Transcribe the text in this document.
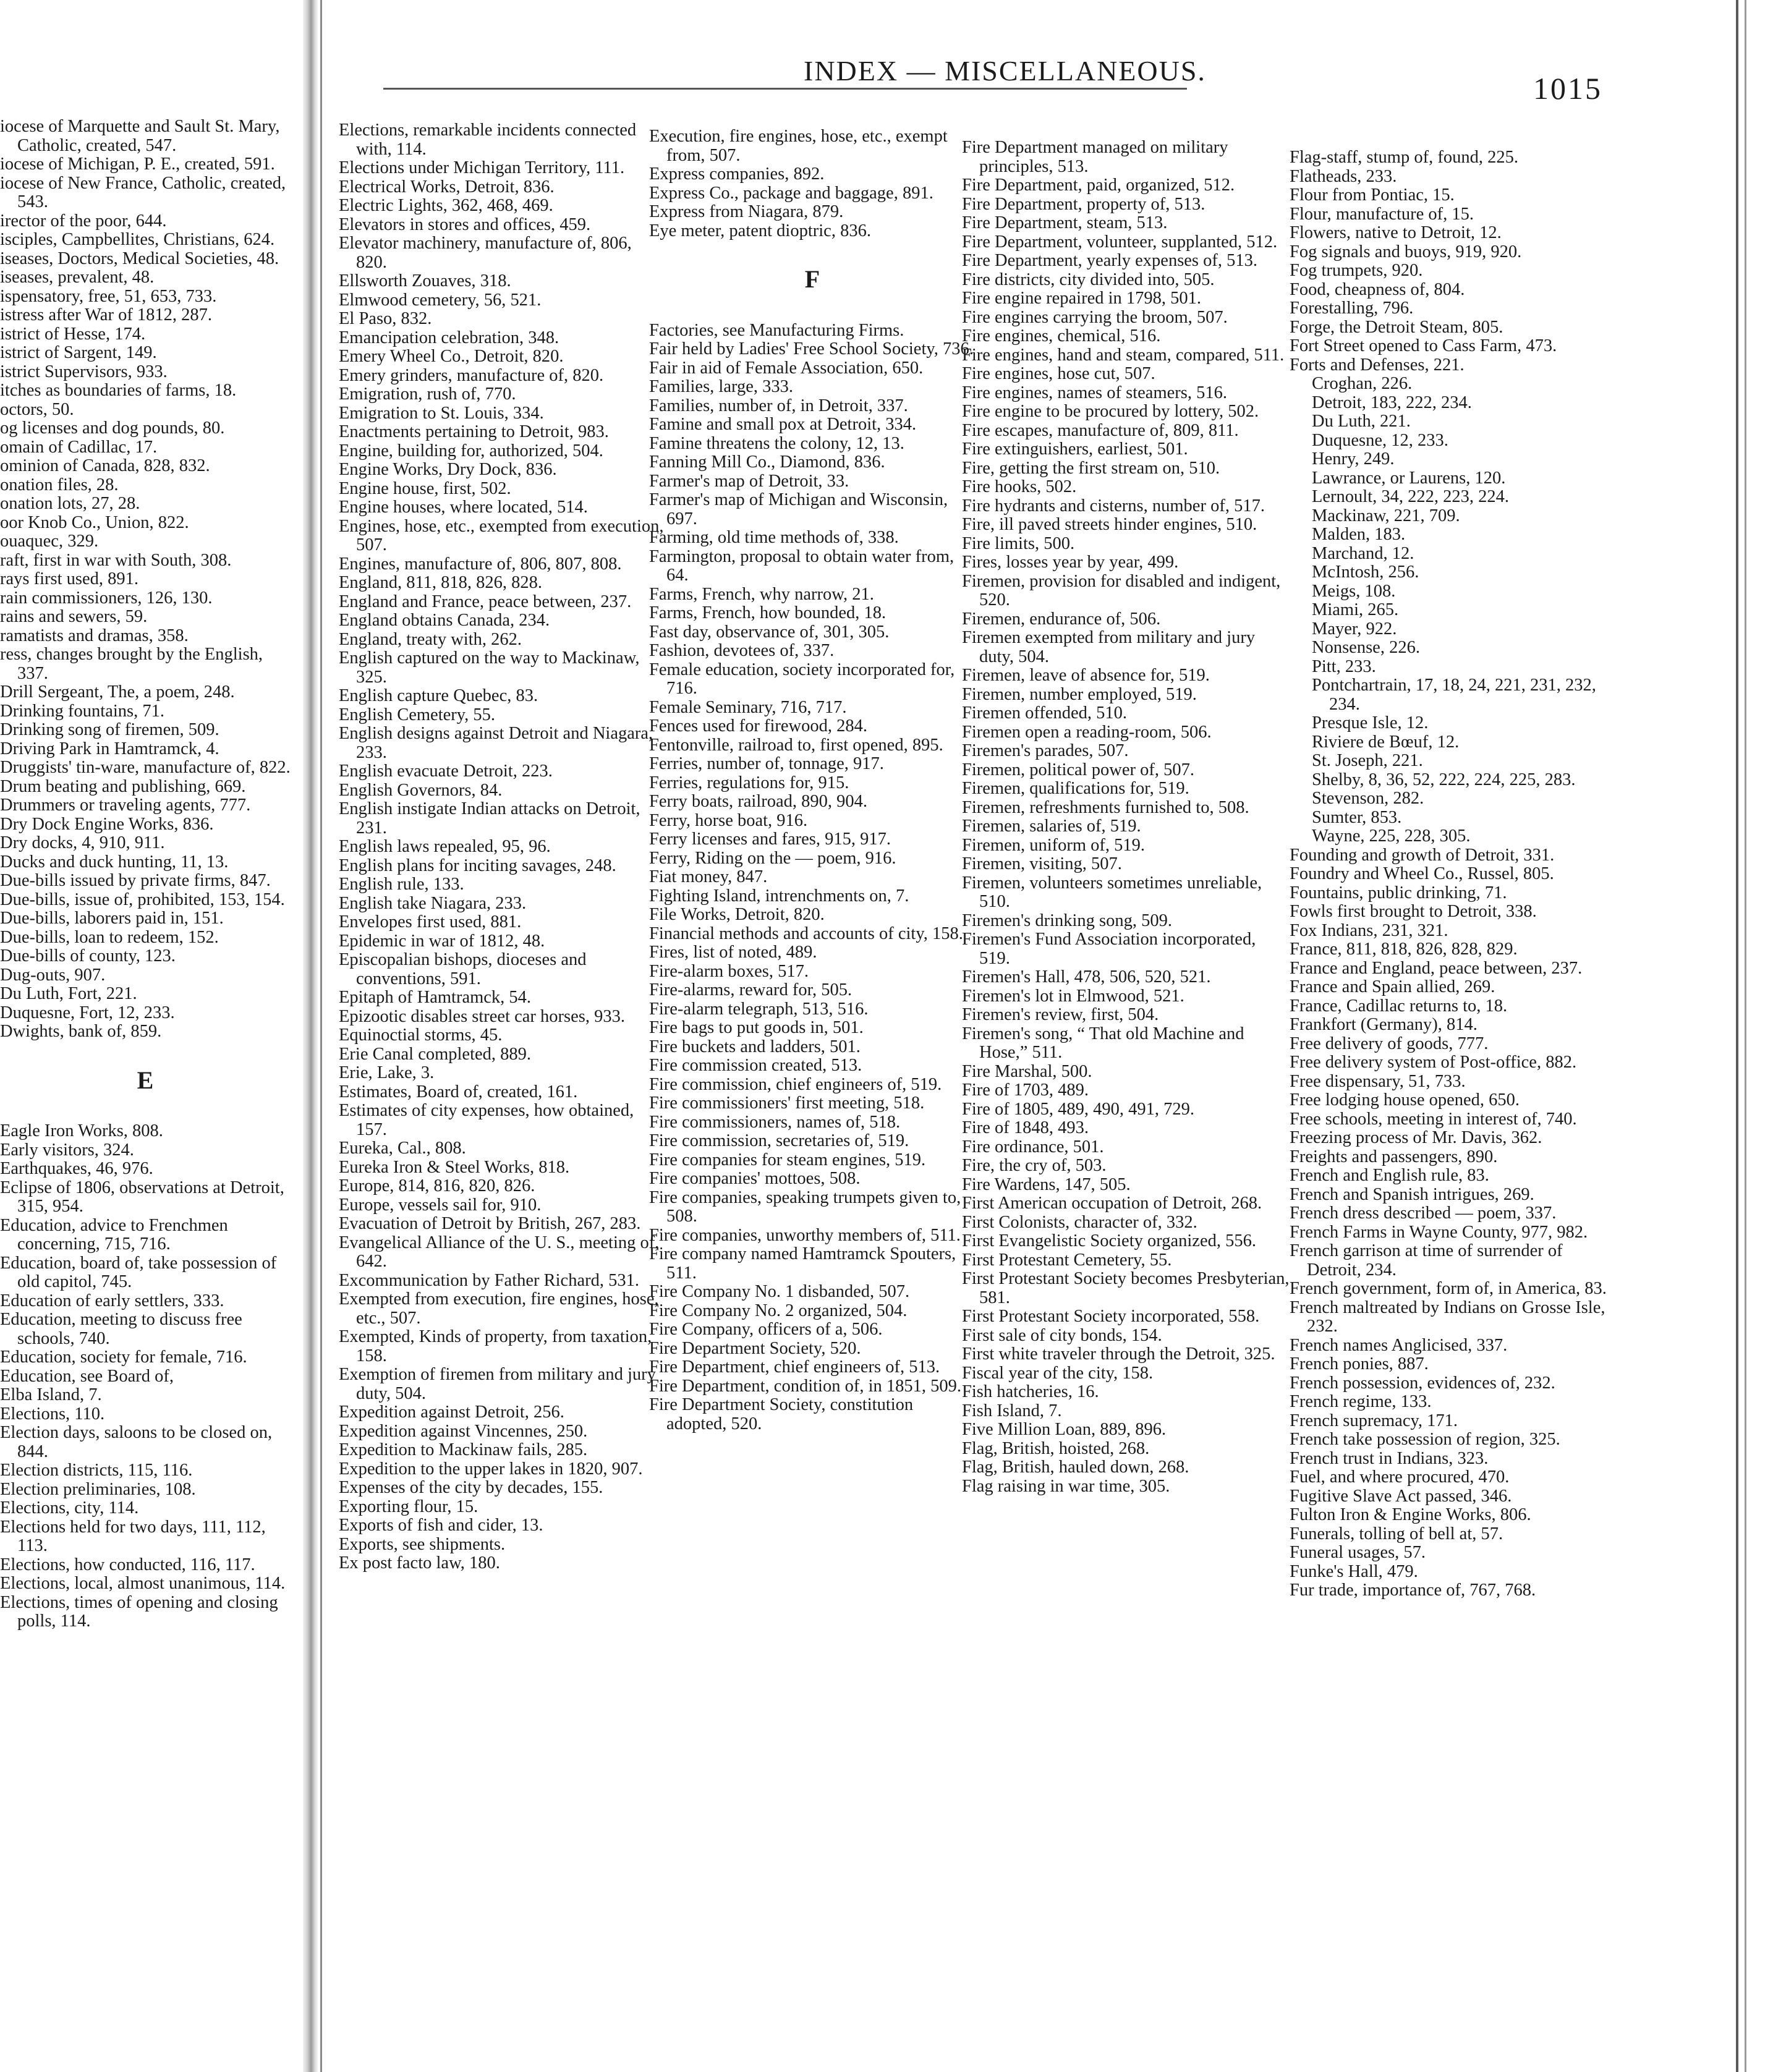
INDEX — MISCELLANEOUS.
1015

iocese of Marquette and Sault St. Mary, Catholic, created, 547.

iocese of Michigan, P. E., created, 591.

iocese of New France, Catholic, created, 543.

irector of the poor, 644.

isciples, Campbellites, Christians, 624.

iseases, Doctors, Medical Societies, 48.

iseases, prevalent, 48.

ispensatory, free, 51, 653, 733.

istress after War of 1812, 287.

istrict of Hesse, 174.

istrict of Sargent, 149.

istrict Supervisors, 933.

itches as boundaries of farms, 18.

octors, 50.

og licenses and dog pounds, 80.

omain of Cadillac, 17.

ominion of Canada, 828, 832.

onation files, 28.

onation lots, 27, 28.

oor Knob Co., Union, 822.

ouaquec, 329.

raft, first in war with South, 308.

rays first used, 891.

rain commissioners, 126, 130.

rains and sewers, 59.

ramatists and dramas, 358.

ress, changes brought by the English, 337.

Drill Sergeant, The, a poem, 248.

Drinking fountains, 71.

Drinking song of firemen, 509.

Driving Park in Hamtramck, 4.

Druggists' tin-ware, manufacture of, 822.

Drum beating and publishing, 669.

Drummers or traveling agents, 777.

Dry Dock Engine Works, 836.

Dry docks, 4, 910, 911.

Ducks and duck hunting, 11, 13.

Due-bills issued by private firms, 847.

Due-bills, issue of, prohibited, 153, 154.

Due-bills, laborers paid in, 151.

Due-bills, loan to redeem, 152.

Due-bills of county, 123.

Dug-outs, 907.

Du Luth, Fort, 221.

Duquesne, Fort, 12, 233.

Dwights, bank of, 859.

E

Eagle Iron Works, 808.

Early visitors, 324.

Earthquakes, 46, 976.

Eclipse of 1806, observations at Detroit, 315, 954.

Education, advice to Frenchmen concerning, 715, 716.

Education, board of, take possession of old capitol, 745.

Education of early settlers, 333.

Education, meeting to discuss free schools, 740.

Education, society for female, 716.

Education, see Board of,

Elba Island, 7.

Elections, 110.

Election days, saloons to be closed on, 844.

Election districts, 115, 116.

Election preliminaries, 108.

Elections, city, 114.

Elections held for two days, 111, 112, 113.

Elections, how conducted, 116, 117.

Elections, local, almost unanimous, 114.

Elections, times of opening and closing polls, 114.

Elections, remarkable incidents connected with, 114.

Elections under Michigan Territory, 111.

Electrical Works, Detroit, 836.

Electric Lights, 362, 468, 469.

Elevators in stores and offices, 459.

Elevator machinery, manufacture of, 806, 820.

Ellsworth Zouaves, 318.

Elmwood cemetery, 56, 521.

El Paso, 832.

Emancipation celebration, 348.

Emery Wheel Co., Detroit, 820.

Emery grinders, manufacture of, 820.

Emigration, rush of, 770.

Emigration to St. Louis, 334.

Enactments pertaining to Detroit, 983.

Engine, building for, authorized, 504.

Engine Works, Dry Dock, 836.

Engine house, first, 502.

Engine houses, where located, 514.

Engines, hose, etc., exempted from execution, 507.

Engines, manufacture of, 806, 807, 808.

England, 811, 818, 826, 828.

England and France, peace between, 237.

England obtains Canada, 234.

England, treaty with, 262.

English captured on the way to Mackinaw, 325.

English capture Quebec, 83.

English Cemetery, 55.

English designs against Detroit and Niagara, 233.

English evacuate Detroit, 223.

English Governors, 84.

English instigate Indian attacks on Detroit, 231.

English laws repealed, 95, 96.

English plans for inciting savages, 248.

English rule, 133.

English take Niagara, 233.

Envelopes first used, 881.

Epidemic in war of 1812, 48.

Episcopalian bishops, dioceses and conventions, 591.

Epitaph of Hamtramck, 54.

Epizootic disables street car horses, 933.

Equinoctial storms, 45.

Erie Canal completed, 889.

Erie, Lake, 3.

Estimates, Board of, created, 161.

Estimates of city expenses, how obtained, 157.

Eureka, Cal., 808.

Eureka Iron & Steel Works, 818.

Europe, 814, 816, 820, 826.

Europe, vessels sail for, 910.

Evacuation of Detroit by British, 267, 283.

Evangelical Alliance of the U. S., meeting of, 642.

Excommunication by Father Richard, 531.

Exempted from execution, fire engines, hose, etc., 507.

Exempted, Kinds of property, from taxation, 158.

Exemption of firemen from military and jury duty, 504.

Expedition against Detroit, 256.

Expedition against Vincennes, 250.

Expedition to Mackinaw fails, 285.

Expedition to the upper lakes in 1820, 907.

Expenses of the city by decades, 155.

Exporting flour, 15.

Exports of fish and cider, 13.

Exports, see shipments.

Ex post facto law, 180.

Execution, fire engines, hose, etc., exempt from, 507.

Express companies, 892.

Express Co., package and baggage, 891.

Express from Niagara, 879.

Eye meter, patent dioptric, 836.

F

Factories, see Manufacturing Firms.

Fair held by Ladies' Free School Society, 736.

Fair in aid of Female Association, 650.

Families, large, 333.

Families, number of, in Detroit, 337.

Famine and small pox at Detroit, 334.

Famine threatens the colony, 12, 13.

Fanning Mill Co., Diamond, 836.

Farmer's map of Detroit, 33.

Farmer's map of Michigan and Wisconsin, 697.

Farming, old time methods of, 338.

Farmington, proposal to obtain water from, 64.

Farms, French, why narrow, 21.

Farms, French, how bounded, 18.

Fast day, observance of, 301, 305.

Fashion, devotees of, 337.

Female education, society incorporated for, 716.

Female Seminary, 716, 717.

Fences used for firewood, 284.

Fentonville, railroad to, first opened, 895.

Ferries, number of, tonnage, 917.

Ferries, regulations for, 915.

Ferry boats, railroad, 890, 904.

Ferry, horse boat, 916.

Ferry licenses and fares, 915, 917.

Ferry, Riding on the — poem, 916.

Fiat money, 847.

Fighting Island, intrenchments on, 7.

File Works, Detroit, 820.

Financial methods and accounts of city, 158.

Fires, list of noted, 489.

Fire-alarm boxes, 517.

Fire-alarms, reward for, 505.

Fire-alarm telegraph, 513, 516.

Fire bags to put goods in, 501.

Fire buckets and ladders, 501.

Fire commission created, 513.

Fire commission, chief engineers of, 519.

Fire commissioners' first meeting, 518.

Fire commissioners, names of, 518.

Fire commission, secretaries of, 519.

Fire companies for steam engines, 519.

Fire companies' mottoes, 508.

Fire companies, speaking trumpets given to, 508.

Fire companies, unworthy members of, 511.

Fire company named Hamtramck Spouters, 511.

Fire Company No. 1 disbanded, 507.

Fire Company No. 2 organized, 504.

Fire Company, officers of a, 506.

Fire Department Society, 520.

Fire Department, chief engineers of, 513.

Fire Department, condition of, in 1851, 509.

Fire Department Society, constitution adopted, 520.

Fire Department managed on military principles, 513.

Fire Department, paid, organized, 512.

Fire Department, property of, 513.

Fire Department, steam, 513.

Fire Department, volunteer, supplanted, 512.

Fire Department, yearly expenses of, 513.

Fire districts, city divided into, 505.

Fire engine repaired in 1798, 501.

Fire engines carrying the broom, 507.

Fire engines, chemical, 516.

Fire engines, hand and steam, compared, 511.

Fire engines, hose cut, 507.

Fire engines, names of steamers, 516.

Fire engine to be procured by lottery, 502.

Fire escapes, manufacture of, 809, 811.

Fire extinguishers, earliest, 501.

Fire, getting the first stream on, 510.

Fire hooks, 502.

Fire hydrants and cisterns, number of, 517.

Fire, ill paved streets hinder engines, 510.

Fire limits, 500.

Fires, losses year by year, 499.

Firemen, provision for disabled and indigent, 520.

Firemen, endurance of, 506.

Firemen exempted from military and jury duty, 504.

Firemen, leave of absence for, 519.

Firemen, number employed, 519.

Firemen offended, 510.

Firemen open a reading-room, 506.

Firemen's parades, 507.

Firemen, political power of, 507.

Firemen, qualifications for, 519.

Firemen, refreshments furnished to, 508.

Firemen, salaries of, 519.

Firemen, uniform of, 519.

Firemen, visiting, 507.

Firemen, volunteers sometimes unreliable, 510.

Firemen's drinking song, 509.

Firemen's Fund Association incorporated, 519.

Firemen's Hall, 478, 506, 520, 521.

Firemen's lot in Elmwood, 521.

Firemen's review, first, 504.

Firemen's song, “ That old Machine and Hose,” 511.

Fire Marshal, 500.

Fire of 1703, 489.

Fire of 1805, 489, 490, 491, 729.

Fire of 1848, 493.

Fire ordinance, 501.

Fire, the cry of, 503.

Fire Wardens, 147, 505.

First American occupation of Detroit, 268.

First Colonists, character of, 332.

First Evangelistic Society organized, 556.

First Protestant Cemetery, 55.

First Protestant Society becomes Presbyterian, 581.

First Protestant Society incorporated, 558.

First sale of city bonds, 154.

First white traveler through the Detroit, 325.

Fiscal year of the city, 158.

Fish hatcheries, 16.

Fish Island, 7.

Five Million Loan, 889, 896.

Flag, British, hoisted, 268.

Flag, British, hauled down, 268.

Flag raising in war time, 305.

Flag-staff, stump of, found, 225.

Flatheads, 233.

Flour from Pontiac, 15.

Flour, manufacture of, 15.

Flowers, native to Detroit, 12.

Fog signals and buoys, 919, 920.

Fog trumpets, 920.

Food, cheapness of, 804.

Forestalling, 796.

Forge, the Detroit Steam, 805.

Fort Street opened to Cass Farm, 473.

Forts and Defenses, 221.

Croghan, 226.

Detroit, 183, 222, 234.

Du Luth, 221.

Duquesne, 12, 233.

Henry, 249.

Lawrance, or Laurens, 120.

Lernoult, 34, 222, 223, 224.

Mackinaw, 221, 709.

Malden, 183.

Marchand, 12.

McIntosh, 256.

Meigs, 108.

Miami, 265.

Mayer, 922.

Nonsense, 226.

Pitt, 233.

Pontchartrain, 17, 18, 24, 221, 231, 232, 234.

Presque Isle, 12.

Riviere de Bœuf, 12.

St. Joseph, 221.

Shelby, 8, 36, 52, 222, 224, 225, 283.

Stevenson, 282.

Sumter, 853.

Wayne, 225, 228, 305.

Founding and growth of Detroit, 331.

Foundry and Wheel Co., Russel, 805.

Fountains, public drinking, 71.

Fowls first brought to Detroit, 338.

Fox Indians, 231, 321.

France, 811, 818, 826, 828, 829.

France and England, peace between, 237.

France and Spain allied, 269.

France, Cadillac returns to, 18.

Frankfort (Germany), 814.

Free delivery of goods, 777.

Free delivery system of Post-office, 882.

Free dispensary, 51, 733.

Free lodging house opened, 650.

Free schools, meeting in interest of, 740.

Freezing process of Mr. Davis, 362.

Freights and passengers, 890.

French and English rule, 83.

French and Spanish intrigues, 269.

French dress described — poem, 337.

French Farms in Wayne County, 977, 982.

French garrison at time of surrender of Detroit, 234.

French government, form of, in America, 83.

French maltreated by Indians on Grosse Isle, 232.

French names Anglicised, 337.

French ponies, 887.

French possession, evidences of, 232.

French regime, 133.

French supremacy, 171.

French take possession of region, 325.

French trust in Indians, 323.

Fuel, and where procured, 470.

Fugitive Slave Act passed, 346.

Fulton Iron & Engine Works, 806.

Funerals, tolling of bell at, 57.

Funeral usages, 57.

Funke's Hall, 479.

Fur trade, importance of, 767, 768.
